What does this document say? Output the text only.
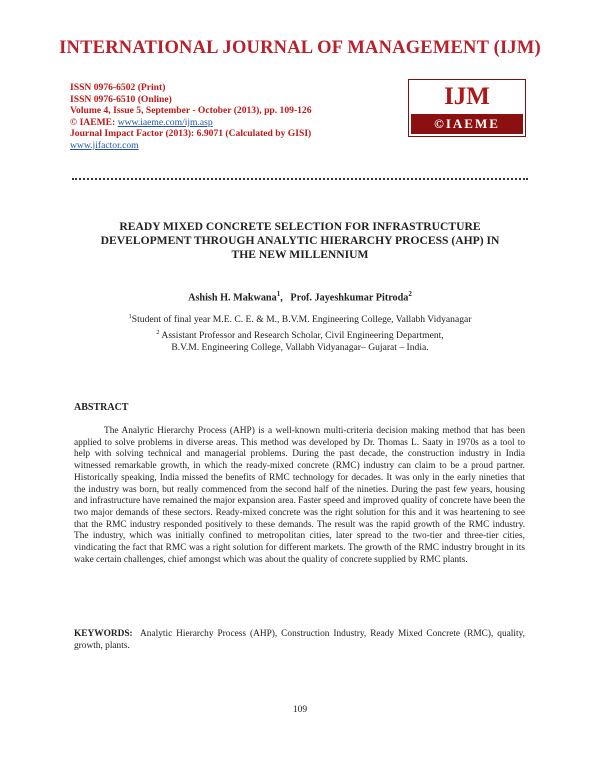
INTERNATIONAL JOURNAL OF MANAGEMENT (IJM)
ISSN 0976-6502 (Print)
ISSN 0976-6510 (Online)
Volume 4, Issue 5, September - October (2013), pp. 109-126
© IAEME: www.iaeme.com/ijm.asp
Journal Impact Factor (2013): 6.9071 (Calculated by GISI)
www.jifactor.com
IJM
©IAEME
READY MIXED CONCRETE SELECTION FOR INFRASTRUCTURE
DEVELOPMENT THROUGH ANALYTIC HIERARCHY PROCESS (AHP) IN
THE NEW MILLENNIUM
Ashish H. Makwana$^1$,   Prof. Jayeshkumar Pitroda$^2$
$^1$Student of final year M.E. C. E. & M., B.V.M. Engineering College, Vallabh Vidyanagar
$^2$ Assistant Professor and Research Scholar, Civil Engineering Department,
B.V.M. Engineering College, Vallabh Vidyanagar– Gujarat – India.
ABSTRACT
The Analytic Hierarchy Process (AHP) is a well-known multi-criteria decision making method that has been applied to solve problems in diverse areas. This method was developed by Dr. Thomas L. Saaty in 1970s as a tool to help with solving technical and managerial problems. During the past decade, the construction industry in India witnessed remarkable growth, in which the ready-mixed concrete (RMC) industry can claim to be a proud partner. Historically speaking, India missed the benefits of RMC technology for decades. It was only in the early nineties that the industry was born, but really commenced from the second half of the nineties. During the past few years, housing and infrastructure have remained the major expansion area. Faster speed and improved quality of concrete have been the two major demands of these sectors. Ready-mixed concrete was the right solution for this and it was heartening to see that the RMC industry responded positively to these demands. The result was the rapid growth of the RMC industry. The industry, which was initially confined to metropolitan cities, later spread to the two-tier and three-tier cities, vindicating the fact that RMC was a right solution for different markets. The growth of the RMC industry brought in its wake certain challenges, chief amongst which was about the quality of concrete supplied by RMC plants.
KEYWORDS:  Analytic Hierarchy Process (AHP), Construction Industry, Ready Mixed Concrete (RMC), quality, growth, plants.
109
